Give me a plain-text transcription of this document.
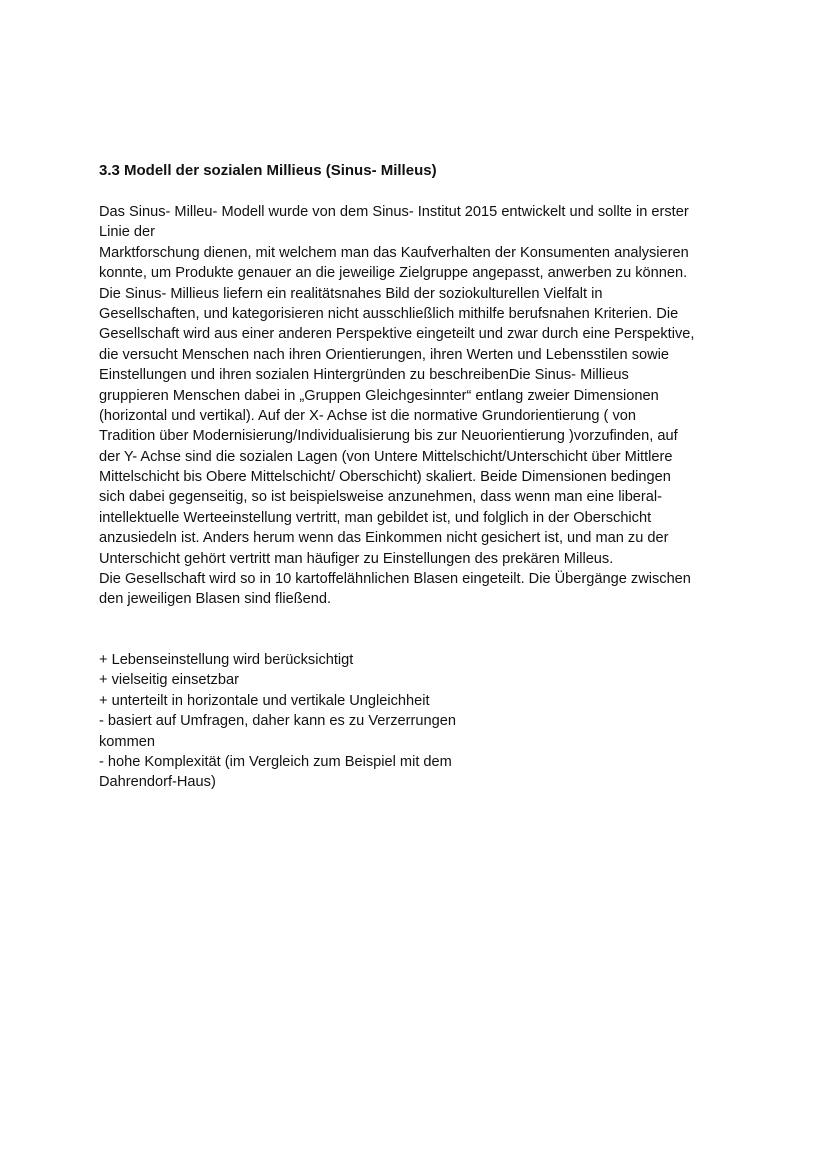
3.3 Modell der sozialen Millieus (Sinus- Milleus)
Das Sinus- Milleu- Modell wurde von dem Sinus- Institut 2015 entwickelt und sollte in erster
Linie der
Marktforschung dienen, mit welchem man das Kaufverhalten der Konsumenten analysieren
konnte, um Produkte genauer an die jeweilige Zielgruppe angepasst, anwerben zu können.
Die Sinus- Millieus liefern ein realitätsnahes Bild der soziokulturellen Vielfalt in
Gesellschaften, und kategorisieren nicht ausschließlich mithilfe berufsnahen Kriterien. Die
Gesellschaft wird aus einer anderen Perspektive eingeteilt und zwar durch eine Perspektive,
die versucht Menschen nach ihren Orientierungen, ihren Werten und Lebensstilen sowie
Einstellungen und ihren sozialen Hintergründen zu beschreibenDie Sinus- Millieus
gruppieren Menschen dabei in „Gruppen Gleichgesinnter“ entlang zweier Dimensionen
(horizontal und vertikal). Auf der X- Achse ist die normative Grundorientierung ( von
Tradition über Modernisierung/Individualisierung bis zur Neuorientierung )vorzufinden, auf
der Y- Achse sind die sozialen Lagen (von Untere Mittelschicht/Unterschicht über Mittlere
Mittelschicht bis Obere Mittelschicht/ Oberschicht) skaliert. Beide Dimensionen bedingen
sich dabei gegenseitig, so ist beispielsweise anzunehmen, dass wenn man eine liberal-
intellektuelle Werteeinstellung vertritt, man gebildet ist, und folglich in der Oberschicht
anzusiedeln ist. Anders herum wenn das Einkommen nicht gesichert ist, und man zu der
Unterschicht gehört vertritt man häufiger zu Einstellungen des prekären Milleus.
Die Gesellschaft wird so in 10 kartoffelähnlichen Blasen eingeteilt. Die Übergänge zwischen
den jeweiligen Blasen sind fließend.
+ Lebenseinstellung wird berücksichtigt
+ vielseitig einsetzbar
+ unterteilt in horizontale und vertikale Ungleichheit
- basiert auf Umfragen, daher kann es zu Verzerrungen
kommen
- hohe Komplexität (im Vergleich zum Beispiel mit dem
Dahrendorf-Haus)
